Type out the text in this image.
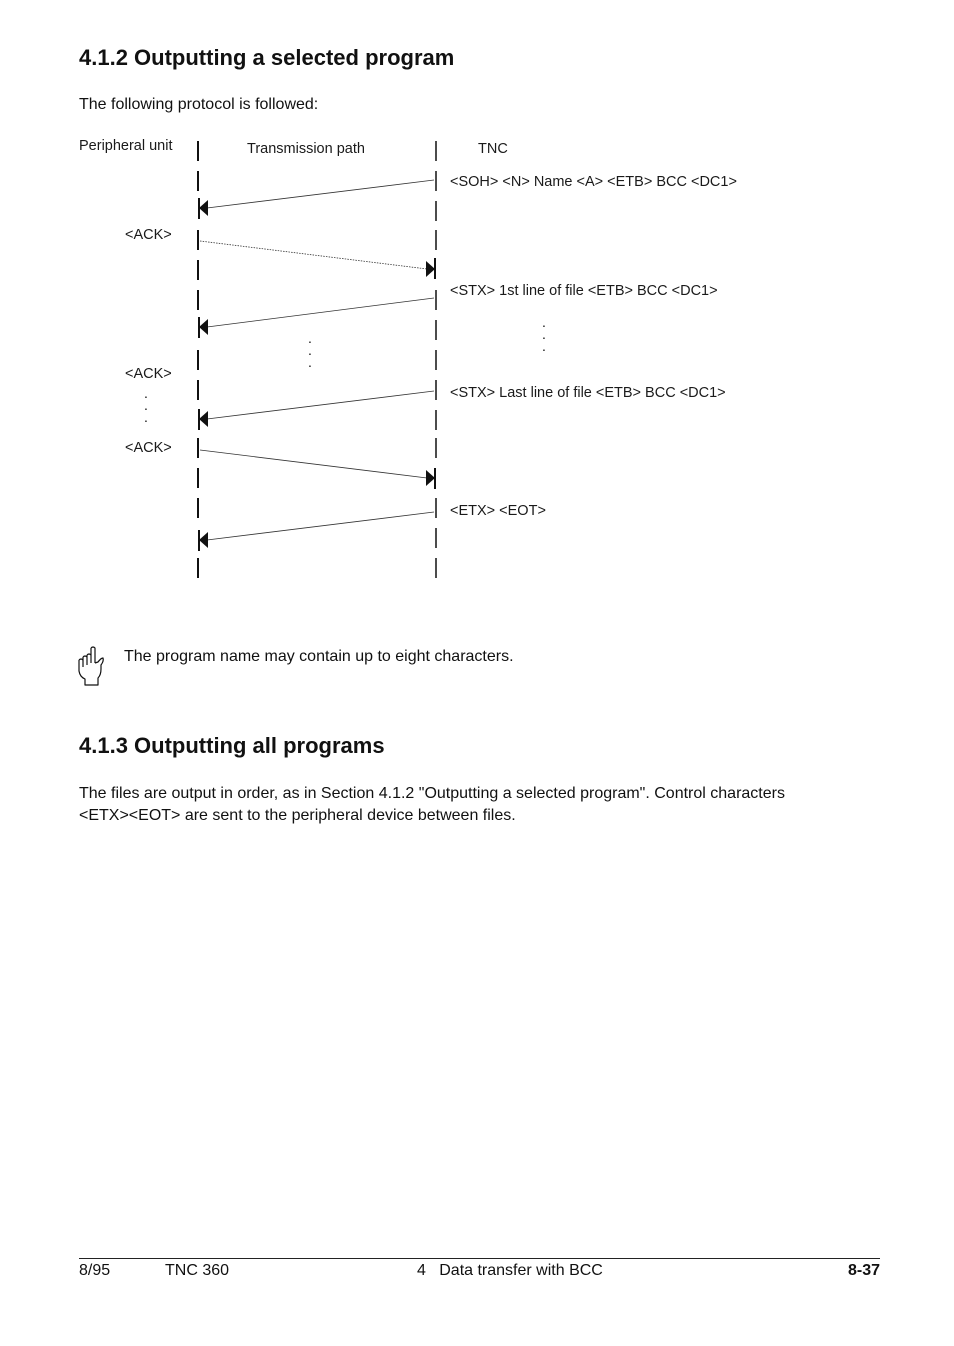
4.1.2 Outputting a selected program
The following protocol is followed:
Peripheral unit	Transmission path	TNC
<SOH> <N> Name <A> <ETB> BCC <DC1>
<STX> 1st line of file <ETB> BCC <DC1>
<STX> Last line of file <ETB> BCC <DC1>
<ETX> <EOT>
<ACK>
<ACK>
<ACK>
.
.
.
.
.
.
.
.
.
The program name may contain up to eight characters.
4.1.3 Outputting all programs
The files are output in order, as in Section 4.1.2 "Outputting a selected program". Control characters
<ETX><EOT> are sent to the peripheral device between files.
8/95	TNC 360	4   Data transfer with BCC	8-37
